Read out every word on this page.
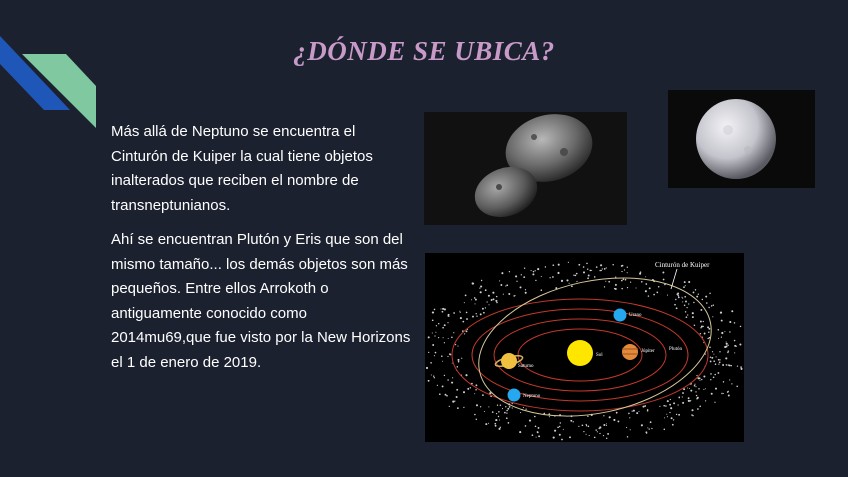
¿DÓNDE SE UBICA?

Más allá de Neptuno se encuentra el Cinturón de Kuiper la cual tiene objetos inalterados que reciben el nombre de transneptunianos.

Ahí se encuentran Plutón y Eris que son del mismo tamaño... los demás objetos son más pequeños. Entre ellos Arrokoth o antiguamente conocido como 2014mu69,que fue visto por la New Horizons el 1 de enero de 2019.

Cinturón de Kuiper
Sol
Urano
Júpiter	Plutón
Saturno
Neptuno
